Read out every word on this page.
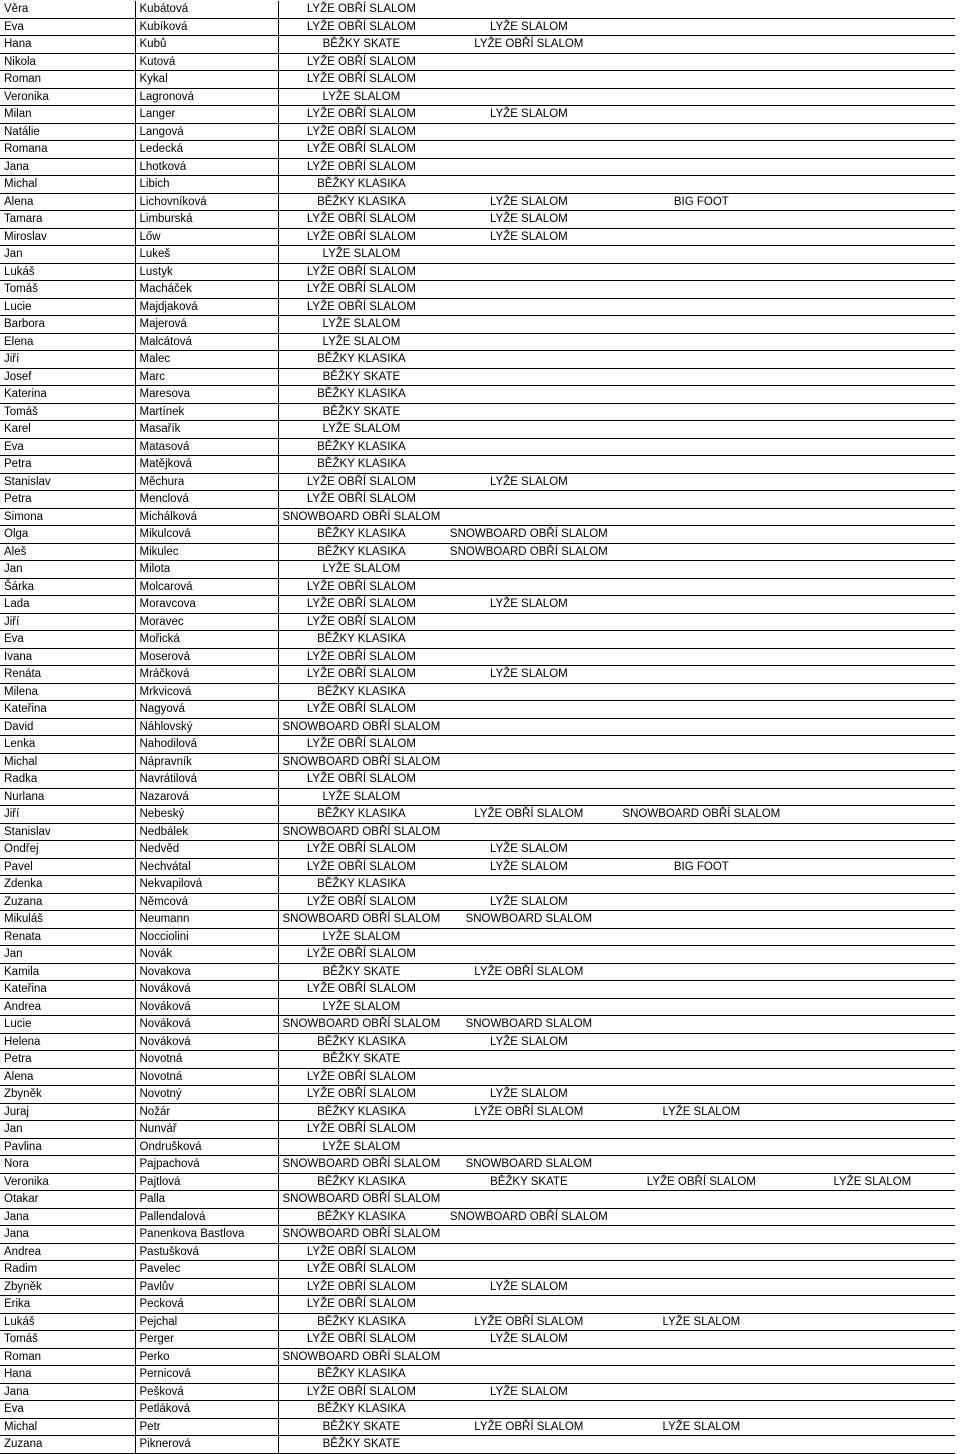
Věra	Kubátová	LYŽE OBŘÍ SLALOM			
Eva	Kubíková	LYŽE OBŘÍ SLALOM	LYŽE SLALOM		
Hana	Kubů	BĚŽKY SKATE	LYŽE OBŘÍ SLALOM		
Nikola	Kutová	LYŽE OBŘÍ SLALOM			
Roman	Kykal	LYŽE OBŘÍ SLALOM			
Veronika	Lagronová	LYŽE SLALOM			
Milan	Langer	LYŽE OBŘÍ SLALOM	LYŽE SLALOM		
Natálie	Langová	LYŽE OBŘÍ SLALOM			
Romana	Ledecká	LYŽE OBŘÍ SLALOM			
Jana	Lhotková	LYŽE OBŘÍ SLALOM			
Michal	Libich	BĚŽKY KLASIKA			
Alena	Lichovníková	BĚŽKY KLASIKA	LYŽE SLALOM	BIG FOOT	
Tamara	Limburská	LYŽE OBŘÍ SLALOM	LYŽE SLALOM		
Miroslav	Lőw	LYŽE OBŘÍ SLALOM	LYŽE SLALOM		
Jan	Lukeš	LYŽE SLALOM			
Lukáš	Lustyk	LYŽE OBŘÍ SLALOM			
Tomáš	Macháček	LYŽE OBŘÍ SLALOM			
Lucie	Majdjaková	LYŽE OBŘÍ SLALOM			
Barbora	Majerová	LYŽE SLALOM			
Elena	Malcátová	LYŽE SLALOM			
Jiří	Malec	BĚŽKY KLASIKA			
Josef	Marc	BĚŽKY SKATE			
Katerina	Maresova	BĚŽKY KLASIKA			
Tomáš	Martínek	BĚŽKY SKATE			
Karel	Masařík	LYŽE SLALOM			
Eva	Matasová	BĚŽKY KLASIKA			
Petra	Matějková	BĚŽKY KLASIKA			
Stanislav	Měchura	LYŽE OBŘÍ SLALOM	LYŽE SLALOM		
Petra	Menclová	LYŽE OBŘÍ SLALOM			
Simona	Michálková	SNOWBOARD OBŘÍ SLALOM			
Olga	Mikulcová	BĚŽKY KLASIKA	SNOWBOARD OBŘÍ SLALOM		
Aleš	Mikulec	BĚŽKY KLASIKA	SNOWBOARD OBŘÍ SLALOM		
Jan	Milota	LYŽE SLALOM			
Šárka	Molcarová	LYŽE OBŘÍ SLALOM			
Lada	Moravcova	LYŽE OBŘÍ SLALOM	LYŽE SLALOM		
Jiří	Moravec	LYŽE OBŘÍ SLALOM			
Eva	Mořická	BĚŽKY KLASIKA			
Ivana	Moserová	LYŽE OBŘÍ SLALOM			
Renáta	Mráčková	LYŽE OBŘÍ SLALOM	LYŽE SLALOM		
Milena	Mrkvicová	BĚŽKY KLASIKA			
Kateřina	Nagyová	LYŽE OBŘÍ SLALOM			
David	Náhlovský	SNOWBOARD OBŘÍ SLALOM			
Lenka	Nahodilová	LYŽE OBŘÍ SLALOM			
Michal	Nápravník	SNOWBOARD OBŘÍ SLALOM			
Radka	Navrátilová	LYŽE OBŘÍ SLALOM			
Nurlana	Nazarová	LYŽE SLALOM			
Jiří	Nebeský	BĚŽKY KLASIKA	LYŽE OBŘÍ SLALOM	SNOWBOARD OBŘÍ SLALOM	
Stanislav	Nedbálek	SNOWBOARD OBŘÍ SLALOM			
Ondřej	Nedvěd	LYŽE OBŘÍ SLALOM	LYŽE SLALOM		
Pavel	Nechvátal	LYŽE OBŘÍ SLALOM	LYŽE SLALOM	BIG FOOT	
Zdenka	Nekvapilová	BĚŽKY KLASIKA			
Zuzana	Němcová	LYŽE OBŘÍ SLALOM	LYŽE SLALOM		
Mikuláš	Neumann	SNOWBOARD OBŘÍ SLALOM	SNOWBOARD SLALOM		
Renata	Nocciolini	LYŽE SLALOM			
Jan	Novák	LYŽE OBŘÍ SLALOM			
Kamila	Novakova	BĚŽKY SKATE	LYŽE OBŘÍ SLALOM		
Kateřina	Nováková	LYŽE OBŘÍ SLALOM			
Andrea	Nováková	LYŽE SLALOM			
Lucie	Nováková	SNOWBOARD OBŘÍ SLALOM	SNOWBOARD SLALOM		
Helena	Nováková	BĚŽKY KLASIKA	LYŽE SLALOM		
Petra	Novotná	BĚŽKY SKATE			
Alena	Novotná	LYŽE OBŘÍ SLALOM			
Zbyněk	Novotný	LYŽE OBŘÍ SLALOM	LYŽE SLALOM		
Juraj	Nožár	BĚŽKY KLASIKA	LYŽE OBŘÍ SLALOM	LYŽE SLALOM	
Jan	Nunvář	LYŽE OBŘÍ SLALOM			
Pavlina	Ondrušková	LYŽE SLALOM			
Nora	Pajpachová	SNOWBOARD OBŘÍ SLALOM	SNOWBOARD SLALOM		
Veronika	Pajtlová	BĚŽKY KLASIKA	BĚŽKY SKATE	LYŽE OBŘÍ SLALOM	LYŽE SLALOM
Otakar	Palla	SNOWBOARD OBŘÍ SLALOM			
Jana	Pallendalová	BĚŽKY KLASIKA	SNOWBOARD OBŘÍ SLALOM		
Jana	Panenkova Bastlova	SNOWBOARD OBŘÍ SLALOM			
Andrea	Pastušková	LYŽE OBŘÍ SLALOM			
Radim	Pavelec	LYŽE OBŘÍ SLALOM			
Zbyněk	Pavlův	LYŽE OBŘÍ SLALOM	LYŽE SLALOM		
Erika	Pecková	LYŽE OBŘÍ SLALOM			
Lukáš	Pejchal	BĚŽKY KLASIKA	LYŽE OBŘÍ SLALOM	LYŽE SLALOM	
Tomáš	Perger	LYŽE OBŘÍ SLALOM	LYŽE SLALOM		
Roman	Perko	SNOWBOARD OBŘÍ SLALOM			
Hana	Pernicová	BĚŽKY KLASIKA			
Jana	Pešková	LYŽE OBŘÍ SLALOM	LYŽE SLALOM		
Eva	Petláková	BĚŽKY KLASIKA			
Michal	Petr	BĚŽKY SKATE	LYŽE OBŘÍ SLALOM	LYŽE SLALOM	
Zuzana	Piknerová	BĚŽKY SKATE			
